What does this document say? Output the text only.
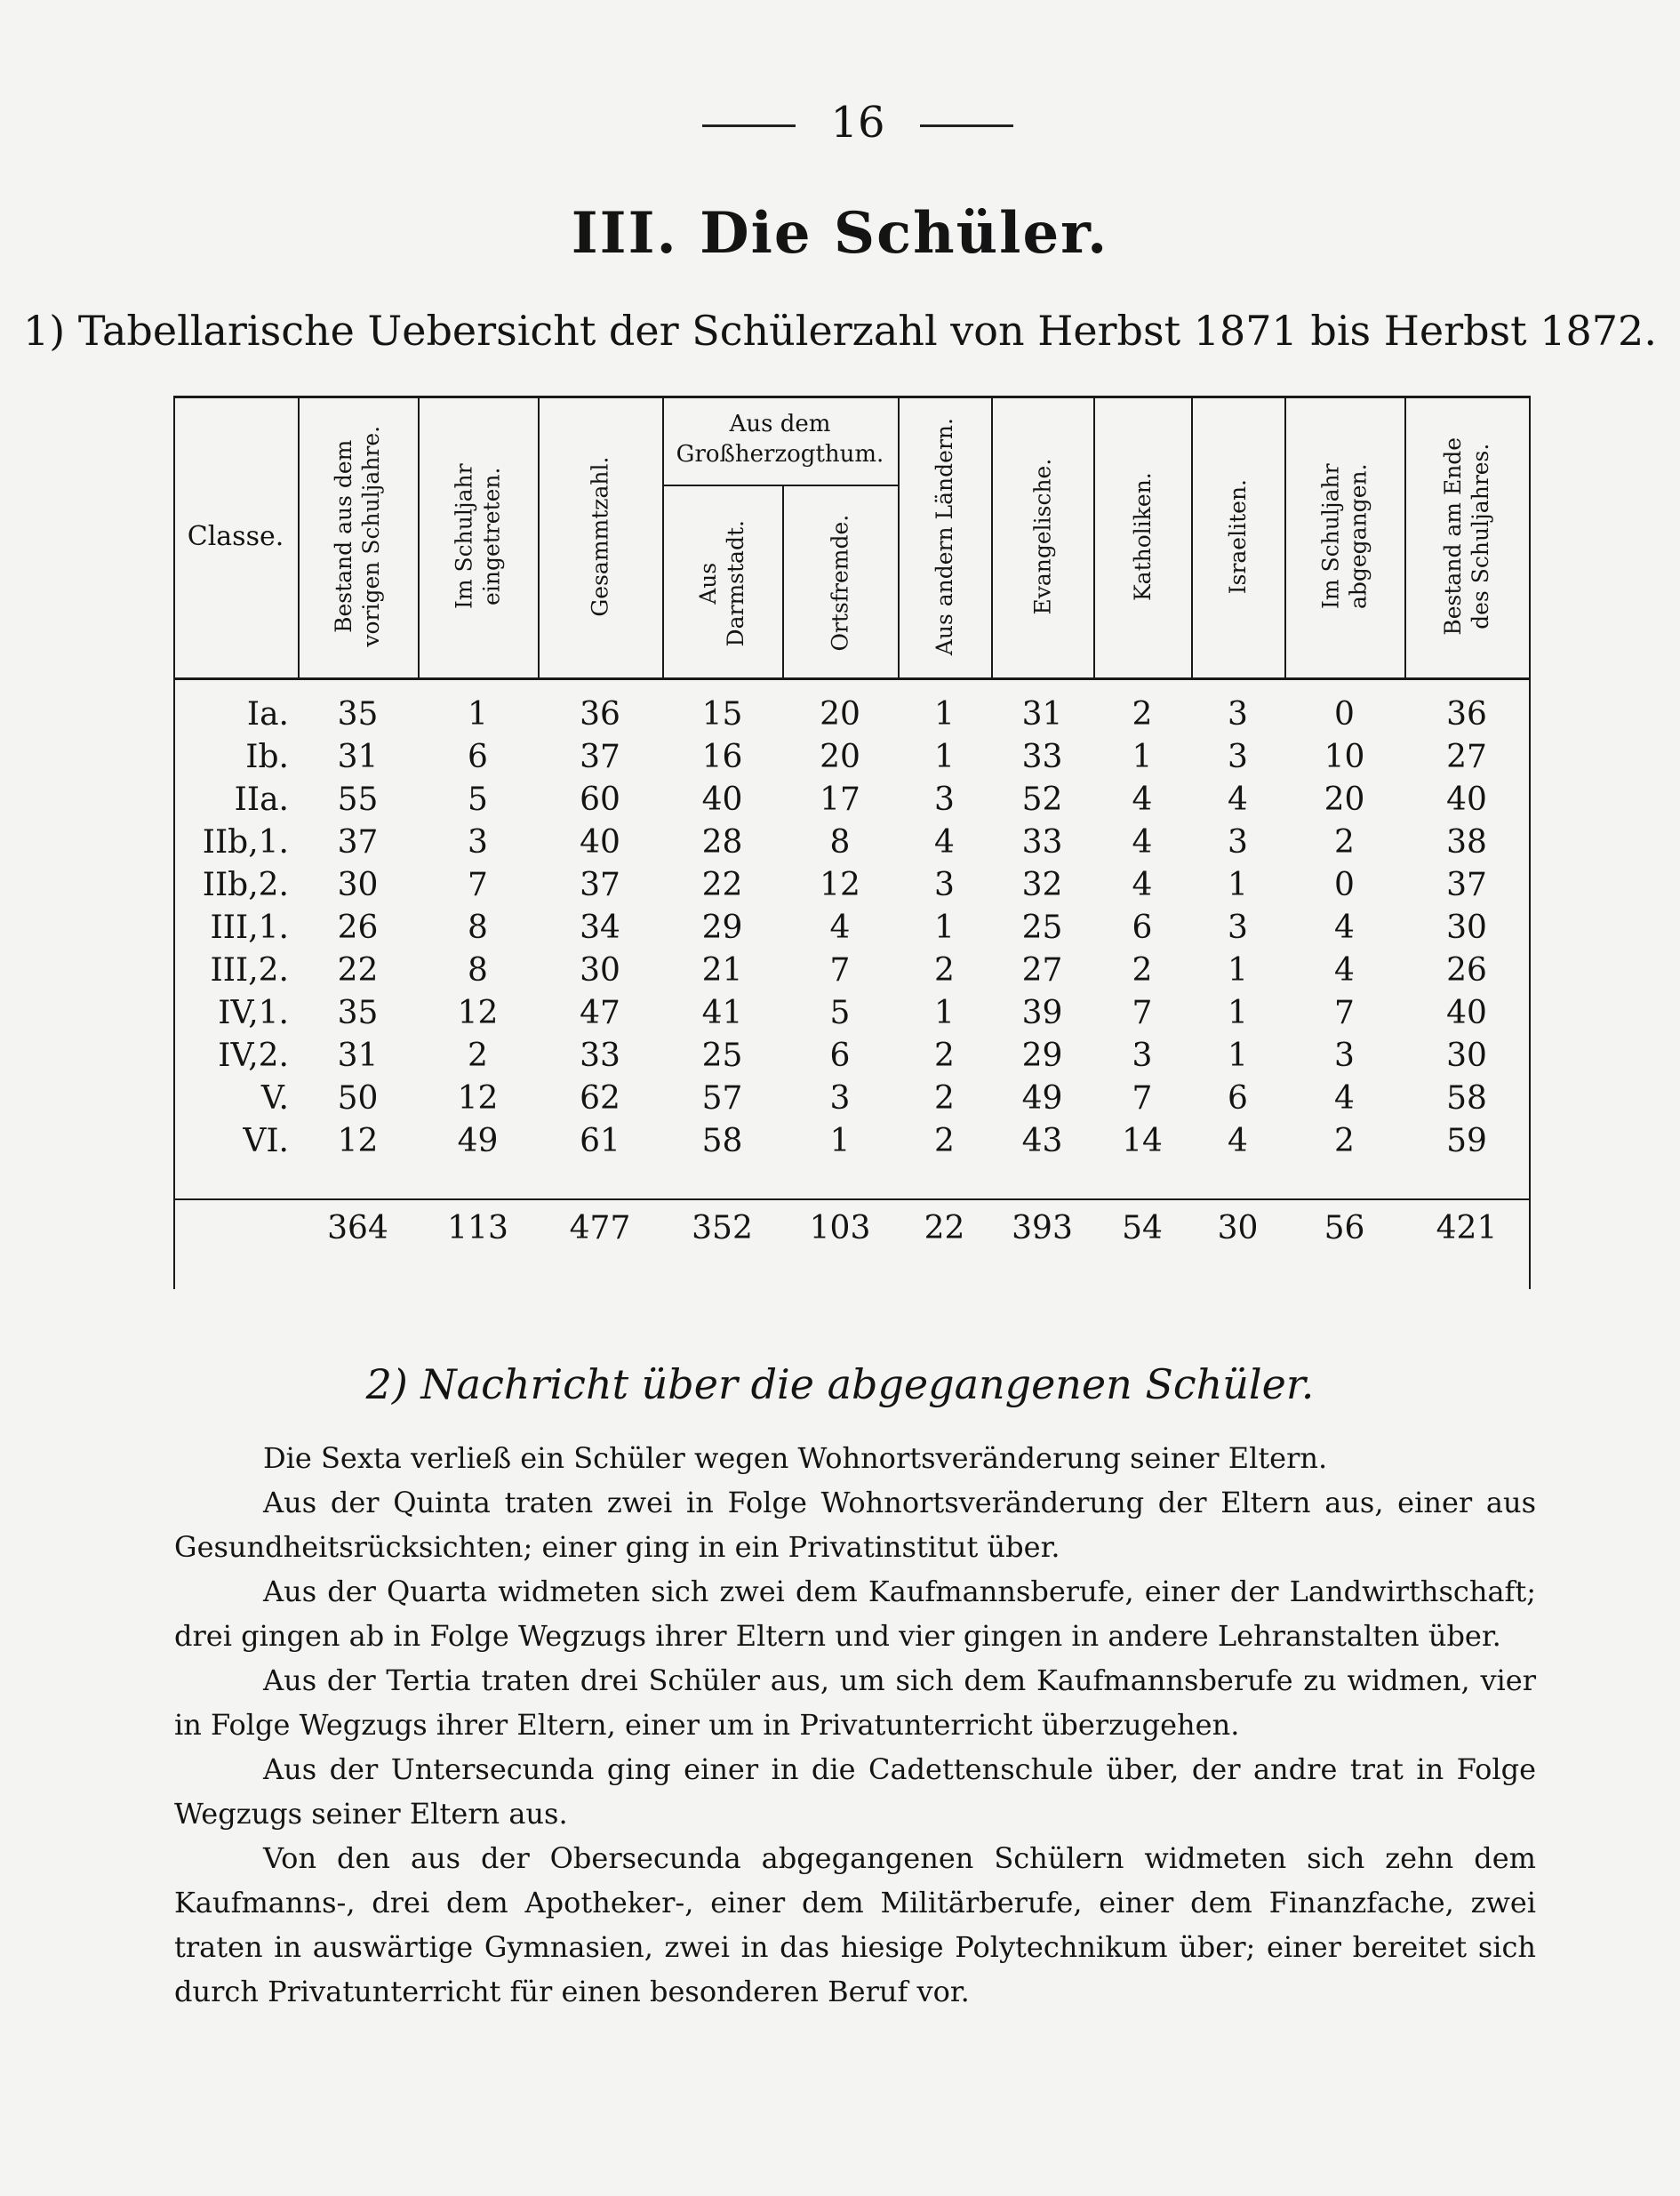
16
III. Die Schüler.
1) Tabellarische Uebersicht der Schülerzahl von Herbst 1871 bis Herbst 1872.
Classe.
Bestand aus dem
vorigen Schuljahre.
Im Schuljahr
eingetreten.	Gesammtzahl.
Aus dem
Großherzogthum.
Aus
Darmstadt.	Ortsfremde.	Aus andern Ländern.	Evangelische.	Katholiken.	Israeliten.
Im Schuljahr
abgegangen.	Bestand am Ende
des Schuljahres.
Ia.	35	1	36	15	20	1	31	2	3	0	36
Ib.	31	6	37	16	20	1	33	1	3	10	27
IIa.	55	5	60	40	17	3	52	4	4	20	40
IIb,1.	37	3	40	28	8	4	33	4	3	2	38
IIb,2.	30	7	37	22	12	3	32	4	1	0	37
III,1.	26	8	34	29	4	1	25	6	3	4	30
III,2.	22	8	30	21	7	2	27	2	1	4	26
IV,1.	35	12	47	41	5	1	39	7	1	7	40
IV,2.	31	2	33	25	6	2	29	3	1	3	30
V.	50	12	62	57	3	2	49	7	6	4	58
VI.	12	49	61	58	1	2	43	14	4	2	59
364	113	477	352	103	22	393	54	30	56	421
2) Nachricht über die abgegangenen Schüler.

Die Sexta verließ ein Schüler wegen Wohnortsveränderung seiner Eltern.

Aus der Quinta traten zwei in Folge Wohnortsveränderung der Eltern aus, einer aus Gesundheitsrücksichten; einer ging in ein Privatinstitut über.

Aus der Quarta widmeten sich zwei dem Kaufmannsberufe, einer der Landwirthschaft; drei gingen ab in Folge Wegzugs ihrer Eltern und vier gingen in andere Lehranstalten über.

Aus der Tertia traten drei Schüler aus, um sich dem Kaufmannsberufe zu widmen, vier in Folge Wegzugs ihrer Eltern, einer um in Privatunterricht überzugehen.

Aus der Untersecunda ging einer in die Cadettenschule über, der andre trat in Folge Wegzugs seiner Eltern aus.

Von den aus der Obersecunda abgegangenen Schülern widmeten sich zehn dem Kaufmanns-, drei dem Apotheker-, einer dem Militärberufe, einer dem Finanzfache, zwei traten in auswärtige Gymnasien, zwei in das hiesige Polytechnikum über; einer bereitet sich durch Privatunterricht für einen besonderen Beruf vor.
